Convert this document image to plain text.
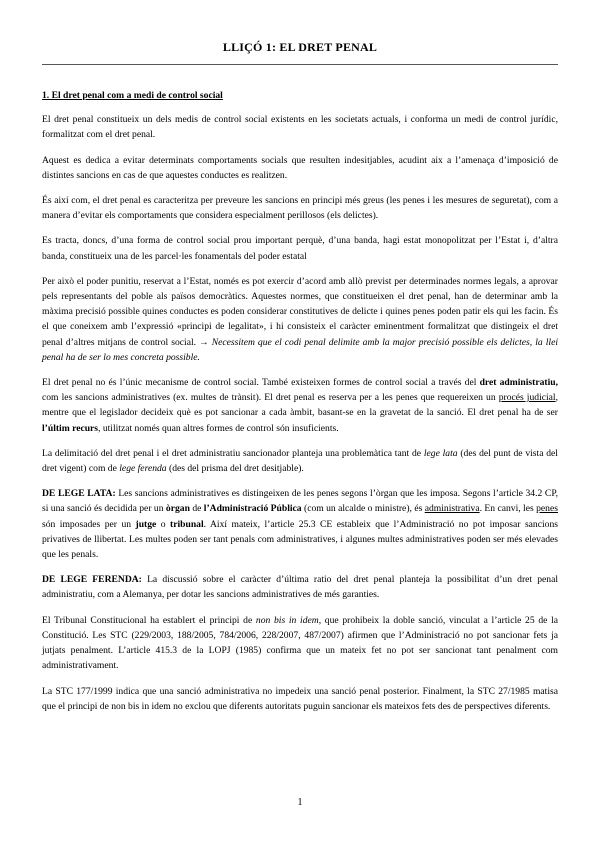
LLIÇÓ 1: EL DRET PENAL

1. El dret penal com a medi de control social

El dret penal constitueix un dels medis de control social existents en les societats actuals, i conforma un medi de control jurídic, formalitzat com el dret penal.

Aquest es dedica a evitar determinats comportaments socials que resulten indesitjables, acudint aix a l’amenaça d’imposició de distintes sancions en cas de que aquestes conductes es realitzen.

És així com, el dret penal es caracteritza per preveure les sancions en principi més greus (les penes i les mesures de seguretat), com a manera d’evitar els comportaments que considera especialment perillosos (els delictes).

Es tracta, doncs, d’una forma de control social prou important perquè, d’una banda, hagi estat monopolitzat per l’Estat i, d’altra banda, constitueix una de les parcel·les fonamentals del poder estatal

Per això el poder punitiu, reservat a l’Estat, només es pot exercir d’acord amb allò previst per determinades normes legals, a aprovar pels representants del poble als països democràtics. Aquestes normes, que constitueixen el dret penal, han de determinar amb la màxima precisió possible quines conductes es poden considerar constitutives de delicte i quines penes poden patir els qui les facin. És el que coneixem amb l’expressió «principi de legalitat», i hi consisteix el caràcter eminentment formalitzat que distingeix el dret penal d’altres mitjans de control social. → Necessitem que el codi penal delimite amb la major precisió possible els delictes, la llei penal ha de ser lo mes concreta possible.

El dret penal no és l’únic mecanisme de control social. També existeixen formes de control social a través del dret administratiu, com les sancions administratives (ex. multes de trànsit). El dret penal es reserva per a les penes que requereixen un procés judicial, mentre que el legislador decideix què es pot sancionar a cada àmbit, basant-se en la gravetat de la sanció. El dret penal ha de ser l’últim recurs, utilitzat només quan altres formes de control són insuficients.

La delimitació del dret penal i el dret administratiu sancionador planteja una problemàtica tant de lege lata (des del punt de vista del dret vigent) com de lege ferenda (des del prisma del dret desitjable).

DE LEGE LATA: Les sancions administratives es distingeixen de les penes segons l’òrgan que les imposa. Segons l’article 34.2 CP, si una sanció és decidida per un òrgan de l’Administració Pública (com un alcalde o ministre), és administrativa. En canvi, les penes són imposades per un jutge o tribunal. Així mateix, l’article 25.3 CE estableix que l’Administració no pot imposar sancions privatives de llibertat. Les multes poden ser tant penals com administratives, i algunes multes administratives poden ser més elevades que les penals.

DE LEGE FERENDA: La discussió sobre el caràcter d’última ratio del dret penal planteja la possibilitat d’un dret penal administratiu, com a Alemanya, per dotar les sancions administratives de més garanties.

El Tribunal Constitucional ha establert el principi de non bis in idem, que prohibeix la doble sanció, vinculat a l’article 25 de la Constitució. Les STC (229/2003, 188/2005, 784/2006, 228/2007, 487/2007) afirmen que l’Administració no pot sancionar fets ja jutjats penalment. L’article 415.3 de la LOPJ (1985) confirma que un mateix fet no pot ser sancionat tant penalment com administrativament.

La STC 177/1999 indica que una sanció administrativa no impedeix una sanció penal posterior. Finalment, la STC 27/1985 matisa que el principi de non bis in idem no exclou que diferents autoritats puguin sancionar els mateixos fets des de perspectives diferents.

1
